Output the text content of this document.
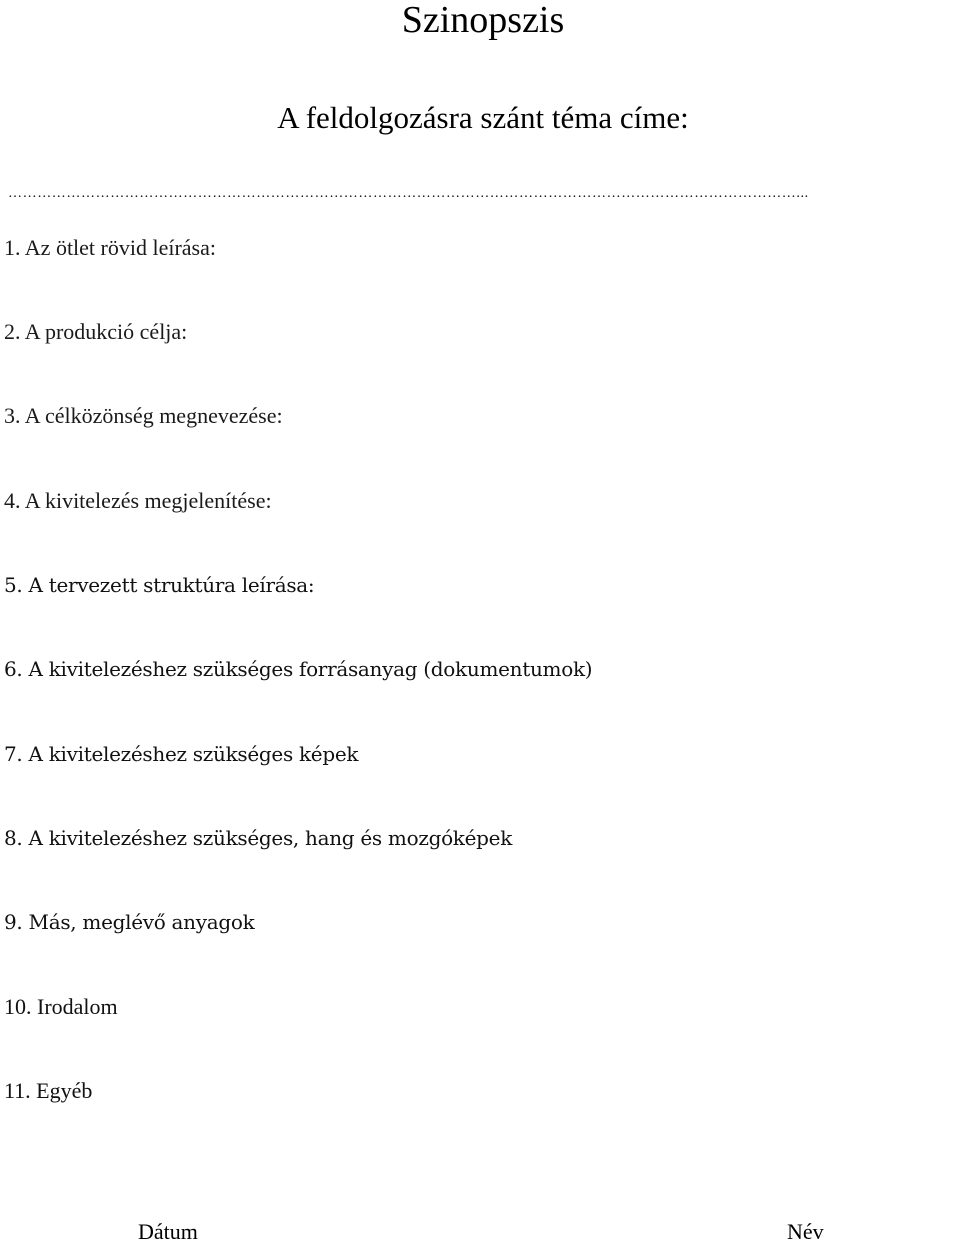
Szinopszis
A feldolgozásra szánt téma címe:
………………………………………………………………………………………………………………………………………………...

1. Az ötlet rövid leírása:

2. A produkció célja:

3. A célközönség megnevezése:

4. A kivitelezés megjelenítése:

5. A tervezett struktúra leírása:

6. A kivitelezéshez szükséges forrásanyag (dokumentumok)

7. A kivitelezéshez szükséges képek

8. A kivitelezéshez szükséges, hang és mozgóképek

9. Más, meglévő anyagok

10. Irodalom

11. Egyéb

Dátum	Név
